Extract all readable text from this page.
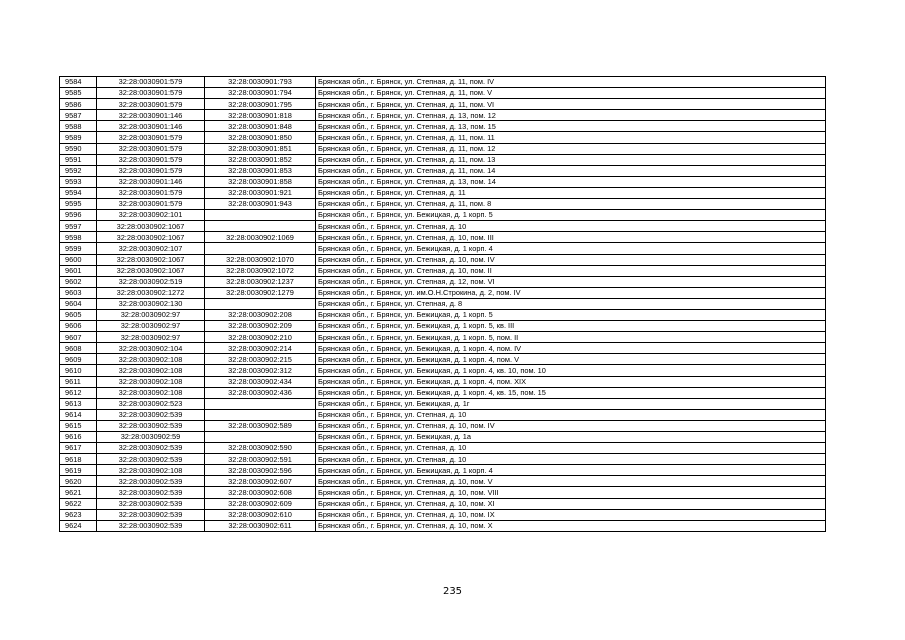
9584	32:28:0030901:579	32:28:0030901:793	Брянская обл., г. Брянск, ул. Степная, д. 11, пом. IV
9585	32:28:0030901:579	32:28:0030901:794	Брянская обл., г. Брянск, ул. Степная, д. 11, пом. V
9586	32:28:0030901:579	32:28:0030901:795	Брянская обл., г. Брянск, ул. Степная, д. 11, пом. VI
9587	32:28:0030901:146	32:28:0030901:818	Брянская обл., г. Брянск, ул. Степная, д. 13, пом. 12
9588	32:28:0030901:146	32:28:0030901:848	Брянская обл., г. Брянск, ул. Степная, д. 13, пом. 15
9589	32:28:0030901:579	32:28:0030901:850	Брянская обл., г. Брянск, ул. Степная, д. 11, пом. 11
9590	32:28:0030901:579	32:28:0030901:851	Брянская обл., г. Брянск, ул. Степная, д. 11, пом. 12
9591	32:28:0030901:579	32:28:0030901:852	Брянская обл., г. Брянск, ул. Степная, д. 11, пом. 13
9592	32:28:0030901:579	32:28:0030901:853	Брянская обл., г. Брянск, ул. Степная, д. 11, пом. 14
9593	32:28:0030901:146	32:28:0030901:858	Брянская обл., г. Брянск, ул. Степная, д. 13, пом. 14
9594	32:28:0030901:579	32:28:0030901:921	Брянская обл., г. Брянск, ул. Степная, д. 11
9595	32:28:0030901:579	32:28:0030901:943	Брянская обл., г. Брянск, ул. Степная, д. 11, пом. 8
9596	32:28:0030902:101		Брянская обл., г. Брянск, ул. Бежицкая, д. 1 корп. 5
9597	32:28:0030902:1067		Брянская обл., г. Брянск, ул. Степная, д. 10
9598	32:28:0030902:1067	32:28:0030902:1069	Брянская обл., г. Брянск, ул. Степная, д. 10, пом. III
9599	32:28:0030902:107		Брянская обл., г. Брянск, ул. Бежицкая, д. 1 корп. 4
9600	32:28:0030902:1067	32:28:0030902:1070	Брянская обл., г. Брянск, ул. Степная, д. 10, пом. IV
9601	32:28:0030902:1067	32:28:0030902:1072	Брянская обл., г. Брянск, ул. Степная, д. 10, пом. II
9602	32:28:0030902:519	32:28:0030902:1237	Брянская обл., г. Брянск, ул. Степная, д. 12, пом. VI
9603	32:28:0030902:1272	32:28:0030902:1279	Брянская обл., г. Брянск, ул. им.О.Н.Строкина, д. 2, пом. IV
9604	32:28:0030902:130		Брянская обл., г. Брянск, ул. Степная, д. 8
9605	32:28:0030902:97	32:28:0030902:208	Брянская обл., г. Брянск, ул. Бежицкая, д. 1 корп. 5
9606	32:28:0030902:97	32:28:0030902:209	Брянская обл., г. Брянск, ул. Бежицкая, д. 1 корп. 5, кв. III
9607	32:28:0030902:97	32:28:0030902:210	Брянская обл., г. Брянск, ул. Бежицкая, д. 1 корп. 5, пом. II
9608	32:28:0030902:104	32:28:0030902:214	Брянская обл., г. Брянск, ул. Бежицкая, д. 1 корп. 4, пом. IV
9609	32:28:0030902:108	32:28:0030902:215	Брянская обл., г. Брянск, ул. Бежицкая, д. 1 корп. 4, пом. V
9610	32:28:0030902:108	32:28:0030902:312	Брянская обл., г. Брянск, ул. Бежицкая, д. 1 корп. 4, кв. 10, пом. 10
9611	32:28:0030902:108	32:28:0030902:434	Брянская обл., г. Брянск, ул. Бежицкая, д. 1 корп. 4, пом. XIX
9612	32:28:0030902:108	32:28:0030902:436	Брянская обл., г. Брянск, ул. Бежицкая, д. 1 корп. 4, кв. 15, пом. 15
9613	32:28:0030902:523		Брянская обл., г. Брянск, ул. Бежицкая, д. 1г
9614	32:28:0030902:539		Брянская обл., г. Брянск, ул. Степная, д. 10
9615	32:28:0030902:539	32:28:0030902:589	Брянская обл., г. Брянск, ул. Степная, д. 10, пом. IV
9616	32:28:0030902:59		Брянская обл., г. Брянск, ул. Бежицкая, д. 1а
9617	32:28:0030902:539	32:28:0030902:590	Брянская обл., г. Брянск, ул. Степная, д. 10
9618	32:28:0030902:539	32:28:0030902:591	Брянская обл., г. Брянск, ул. Степная, д. 10
9619	32:28:0030902:108	32:28:0030902:596	Брянская обл., г. Брянск, ул. Бежицкая, д. 1 корп. 4
9620	32:28:0030902:539	32:28:0030902:607	Брянская обл., г. Брянск, ул. Степная, д. 10, пом. V
9621	32:28:0030902:539	32:28:0030902:608	Брянская обл., г. Брянск, ул. Степная, д. 10, пом. VIII
9622	32:28:0030902:539	32:28:0030902:609	Брянская обл., г. Брянск, ул. Степная, д. 10, пом. XI
9623	32:28:0030902:539	32:28:0030902:610	Брянская обл., г. Брянск, ул. Степная, д. 10, пом. IX
9624	32:28:0030902:539	32:28:0030902:611	Брянская обл., г. Брянск, ул. Степная, д. 10, пом. X
235
